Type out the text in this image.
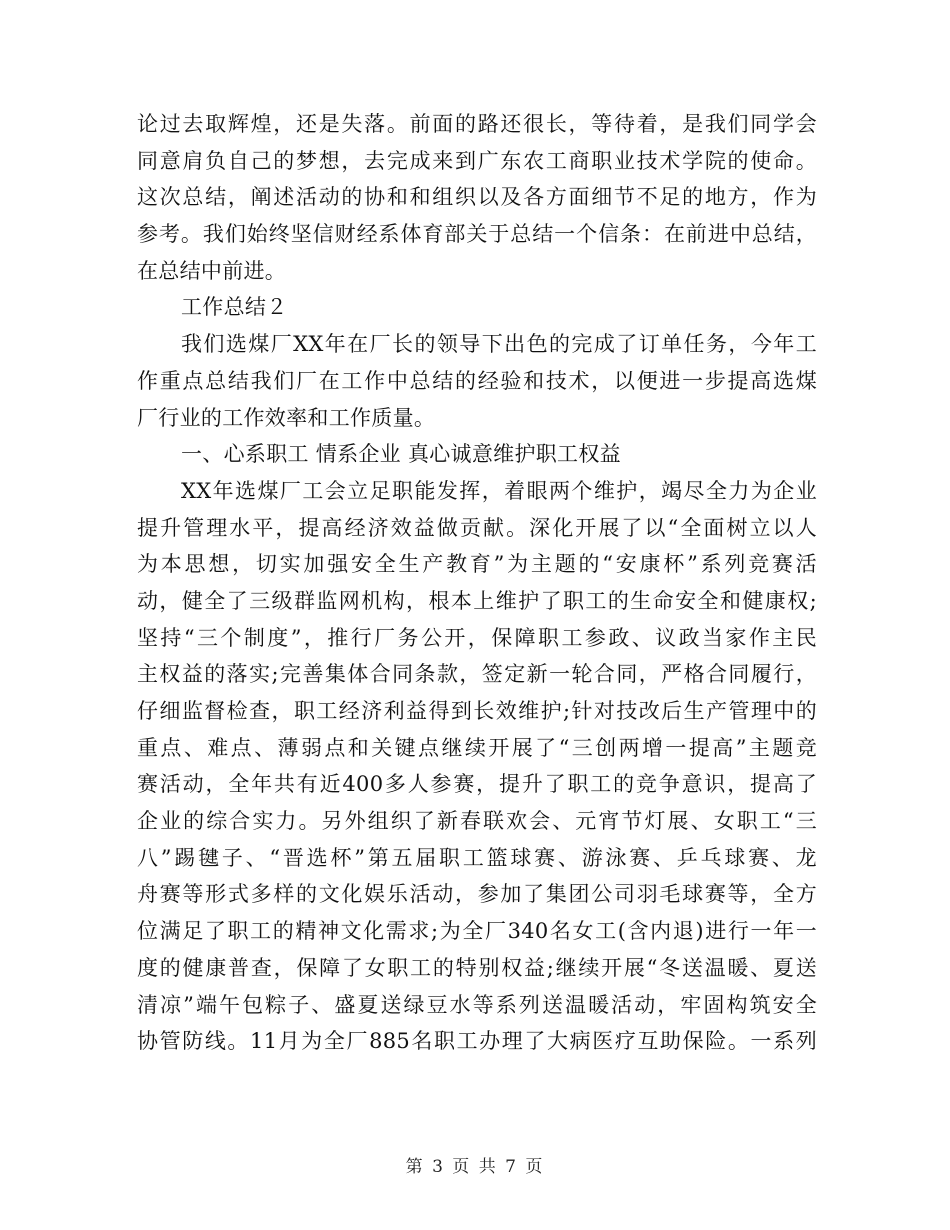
论过去取辉煌，还是失落。前面的路还很长，等待着，是我们同学会
同意肩负自己的梦想，去完成来到广东农工商职业技术学院的使命。
这次总结，阐述活动的协和和组织以及各方面细节不足的地方，作为
参考。我们始终坚信财经系体育部关于总结一个信条：在前进中总结，
在总结中前进。
工作总结２
我们选煤厂XX年在厂长的领导下出色的完成了订单任务，今年工
作重点总结我们厂在工作中总结的经验和技术，以便进一步提高选煤
厂行业的工作效率和工作质量。
一、心系职工 情系企业 真心诚意维护职工权益
XX年选煤厂工会立足职能发挥，着眼两个维护，竭尽全力为企业
提升管理水平，提高经济效益做贡献。深化开展了以“全面树立以人
为本思想，切实加强安全生产教育”为主题的“安康杯”系列竞赛活
动，健全了三级群监网机构，根本上维护了职工的生命安全和健康权;
坚持“三个制度”，推行厂务公开，保障职工参政、议政当家作主民
主权益的落实;完善集体合同条款，签定新一轮合同，严格合同履行，
仔细监督检查，职工经济利益得到长效维护;针对技改后生产管理中的
重点、难点、薄弱点和关键点继续开展了“三创两增一提高”主题竞
赛活动，全年共有近400多人参赛，提升了职工的竞争意识，提高了
企业的综合实力。另外组织了新春联欢会、元宵节灯展、女职工“三
八”踢毽子、“晋选杯”第五届职工篮球赛、游泳赛、乒乓球赛、龙
舟赛等形式多样的文化娱乐活动，参加了集团公司羽毛球赛等，全方
位满足了职工的精神文化需求;为全厂340名女工(含内退)进行一年一
度的健康普查，保障了女职工的特别权益;继续开展“冬送温暖、夏送
清凉”端午包粽子、盛夏送绿豆水等系列送温暖活动，牢固构筑安全
协管防线。11月为全厂885名职工办理了大病医疗互助保险。一系列
第 3 页 共 7 页
